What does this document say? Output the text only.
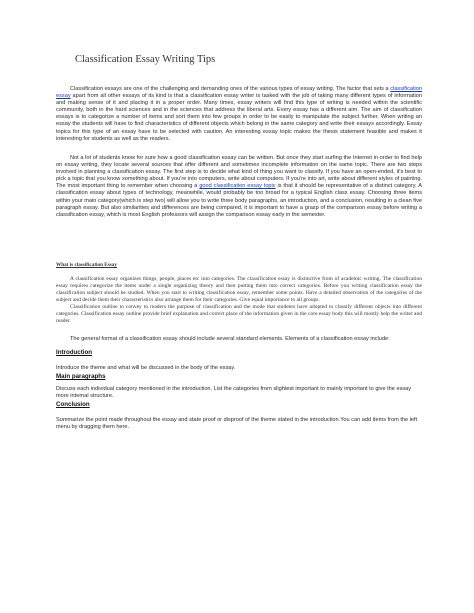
Classification Essay Writing Tips

Classification essays are one of the challenging and demanding ones of the various types of essay writing. The factor that sets a classification essay apart from all other essays of its kind is that a classification essay writer is tasked with the job of taking many different types of information and making sense of it and placing it in a proper order. Many times, essay writers will find this type of writing is needed within the scientific community, both in the hard sciences and in the sciences that address the liberal arts. Every essay has a different aim. The aim of classification essays is to categorize a number of items and sort them into few groups in order to be easily to manipulate the subject further. When writing an essay the students will have to find characteristics of different objects which belong in the same category and write their essays accordingly. Essay topics for this type of an essay have to be selected with caution. An interesting essay topic makes the thesis statement feasible and makes it interesting for students as well as the readers.

Not a lot of students know for sure how a good classification essay can be written. But once they start surfing the Internet in order to find help on essay writing, they locate several sources that offer different and sometimes incomplete information on the same topic. There are two steps involved in planning a classification essay. The first step is to decide what kind of thing you want to classify. If you have an open-ended, it's best to pick a topic that you know something about. If you're into computers, write about computers. If you're into art, write about different styles of painting. The most important thing to remember when choosing a good classification essay topic is that it should be representative of a distinct category. A classification essay about types of technology, meanwhile, would probably be too broad for a typical English class essay. Choosing three items within your main category(which is step two) will allow you to write three body paragraphs, an introduction, and a conclusion, resulting in a clean five paragraph essay. But also similarities and differences are being compared, it is important to have a grasp of the comparison essay before writing a classification essay, which is most English professors will assign the comparison essay early in the semester.

What is classification Essay

A classification essay organizes things, people, places etc into categories. The classification essay is distinctive from of academic writing. The classification essay requires categorize the items under a single organizing theory and then putting them into correct categories. Before you writing classification essay the classification subject should be studied. When you start to writing classification essay, remember some points. Have a detailed observation of the categories of the subject and decide them their characteristics also arrange them for their categories. Give equal importance to all groups.

Classification outline to convey to readers the purpose of classification and the mode that students have adopted to classify different objects into different categories. Classification essay outline provide brief explanation and correct place of the information given in the core essay body this will mostly help the writer and reader.

The general format of a classification essay should include several standard elements. Elements of a classification essay include:

Introduction
Introduce the theme and what will be discussed in the body of the essay.
Main paragraphs
Discuss each individual category mentioned in the introduction. List the categories from slightest important to mainly important to give the essay more internal structure.
Conclusion
Summarize the point made throughout the essay and state proof or disproof of the theme stated in the introduction.You can add items from the left menu by dragging them here.
